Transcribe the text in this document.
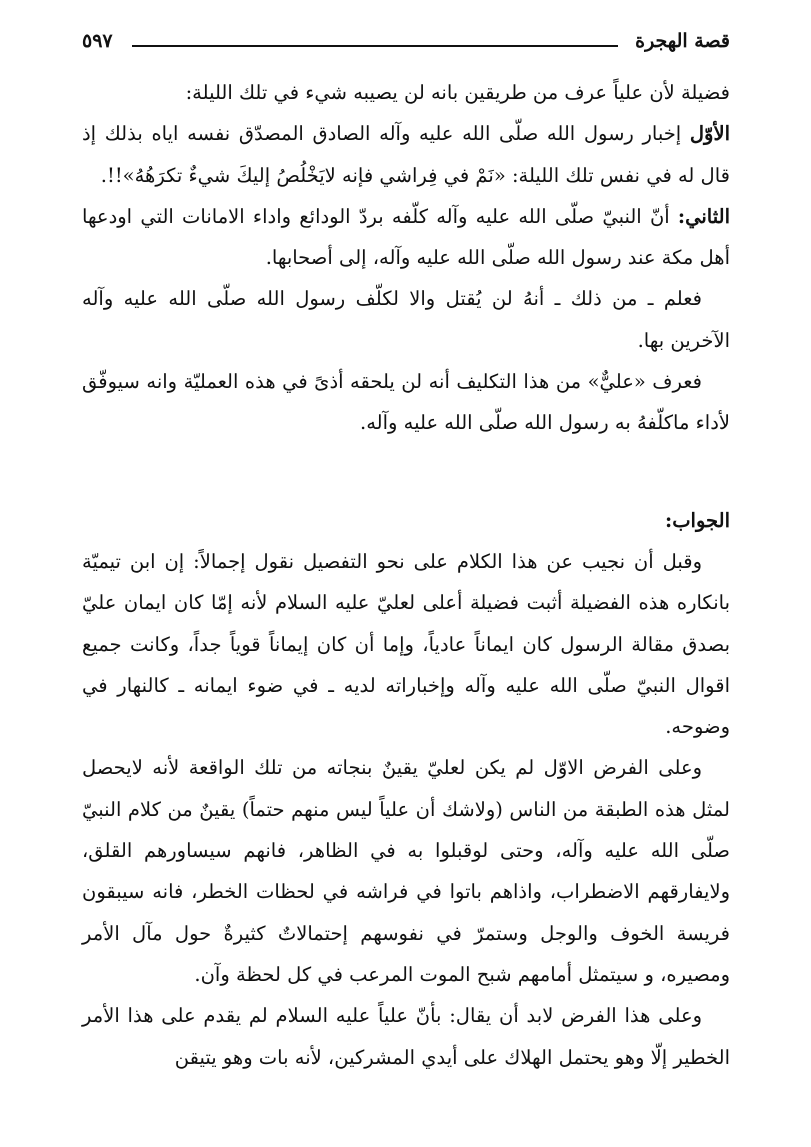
قصة الهجرة
٥٩٧

فضيلة لأن علياً عرف من طريقين بانه لن يصيبه شيء في تلك الليلة:

الأوّل إخبار رسول الله صلّى الله عليه وآله الصادق المصدّق نفسه اياه بذلك إذ قال له في نفس تلك الليلة: «نَمْ في فِراشي فإنه لايَخْلُصُ إليكَ شيءٌ تكرَهُهُ»!!.

الثاني: أنّ النبيّ صلّى الله عليه وآله كلّفه بردّ الودائع واداء الامانات التي اودعها أهل مكة عند رسول الله صلّى الله عليه وآله، إلى أصحابها.

فعلم ـ من ذلك ـ أنهُ لن يُقتل والا لكلّف رسول الله صلّى الله عليه وآله الآخرين بها.

فعرف «عليٌّ» من هذا التكليف أنه لن يلحقه أذىً في هذه العمليّة وانه سيوفّق لأداء ماكلّفهُ به رسول الله صلّى الله عليه وآله.

الجواب:

وقبل أن نجيب عن هذا الكلام على نحو التفصيل نقول إجمالاً: إن ابن تيميّة بانكاره هذه الفضيلة أثبت فضيلة أعلى لعليّ عليه السلام لأنه إمّا كان ايمان عليّ بصدق مقالة الرسول كان ايماناً عادياً، وإما أن كان إيماناً قوياً جداً، وكانت جميع اقوال النبيّ صلّى الله عليه وآله وإخباراته لديه ـ في ضوء ايمانه ـ كالنهار في وضوحه.

وعلى الفرض الاوّل لم يكن لعليّ يقينٌ بنجاته من تلك الواقعة لأنه لايحصل لمثل هذه الطبقة من الناس (ولاشك أن علياً ليس منهم حتماً) يقينٌ من كلام النبيّ صلّى الله عليه وآله، وحتى لوقبلوا به في الظاهر، فانهم سيساورهم القلق، ولايفارقهم الاضطراب، واذاهم باتوا في فراشه في لحظات الخطر، فانه سيبقون فريسة الخوف والوجل وستمرّ في نفوسهم إحتمالاتٌ كثيرةٌ حول مآل الأمر ومصيره، و سيتمثل أمامهم شبح الموت المرعب في كل لحظة وآن.

وعلى هذا الفرض لابد أن يقال: بأنّ علياً عليه السلام لم يقدم على هذا الأمر الخطير إلّا وهو يحتمل الهلاك على أيدي المشركين، لأنه بات وهو يتيقن
